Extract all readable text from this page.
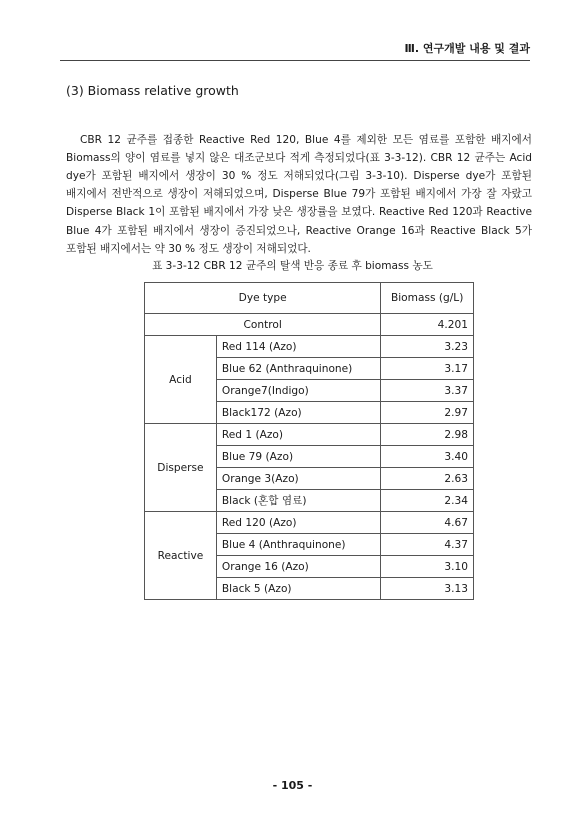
Ⅲ. 연구개발 내용 및 결과
(3) Biomass relative growth

CBR 12 균주를 접종한 Reactive Red 120, Blue 4를 제외한 모든 염료를 포함한 배지에서 Biomass의 양이 염료를 넣지 않은 대조군보다 적게 측정되었다(표 3-3-12). CBR 12 균주는 Acid dye가 포함된 배지에서 생장이 30 % 정도 저해되었다(그림 3-3-10). Disperse dye가 포함된 배지에서 전반적으로 생장이 저해되었으며, Disperse Blue 79가 포함된 배지에서 가장 잘 자랐고 Disperse Black 1이 포함된 배지에서 가장 낮은 생장률을 보였다. Reactive Red 120과 Reactive Blue 4가 포함된 배지에서 생장이 증진되었으나, Reactive Orange 16과 Reactive Black 5가 포함된 배지에서는 약 30 % 정도 생장이 저해되었다.

표 3-3-12 CBR 12 균주의 탈색 반응 종료 후 biomass 농도
Dye type		Biomass (g/L)
Control		4.201
Acid	Red 114 (Azo)	3.23
	Blue 62 (Anthraquinone)	3.17
	Orange7(Indigo)	3.37
	Black172 (Azo)	2.97
Disperse	Red 1 (Azo)	2.98
	Blue 79 (Azo)	3.40
	Orange 3(Azo)	2.63
	Black (혼합 염료)	2.34
Reactive	Red 120 (Azo)	4.67
	Blue 4 (Anthraquinone)	4.37
	Orange 16 (Azo)	3.10
	Black 5 (Azo)	3.13
- 105 -
